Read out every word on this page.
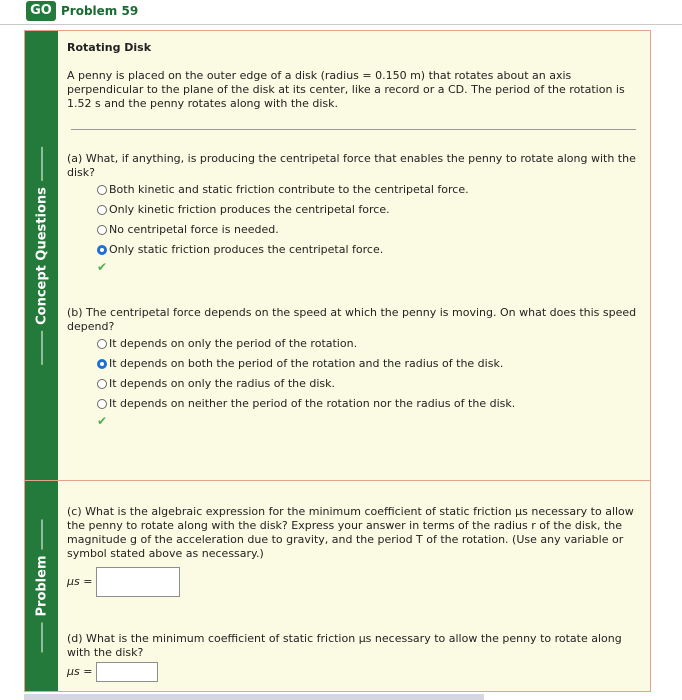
GO Problem 59
Concept Questions
Rotating Disk
A penny is placed on the outer edge of a disk (radius = 0.150 m) that rotates about an axis
perpendicular to the plane of the disk at its center, like a record or a CD. The period of the rotation is
1.52 s and the penny rotates along with the disk.
(a) What, if anything, is producing the centripetal force that enables the penny to rotate along with the
disk?
Both kinetic and static friction contribute to the centripetal force.
Only kinetic friction produces the centripetal force.
No centripetal force is needed.
Only static friction produces the centripetal force.
✔
(b) The centripetal force depends on the speed at which the penny is moving. On what does this speed
depend?
It depends on only the period of the rotation.
It depends on both the period of the rotation and the radius of the disk.
It depends on only the radius of the disk.
It depends on neither the period of the rotation nor the radius of the disk.
✔
Problem
(c) What is the algebraic expression for the minimum coefficient of static friction μs necessary to allow
the penny to rotate along with the disk? Express your answer in terms of the radius r of the disk, the
magnitude g of the acceleration due to gravity, and the period T of the rotation. (Use any variable or
symbol stated above as necessary.)
μs =
(d) What is the minimum coefficient of static friction μs necessary to allow the penny to rotate along
with the disk?
μs =
